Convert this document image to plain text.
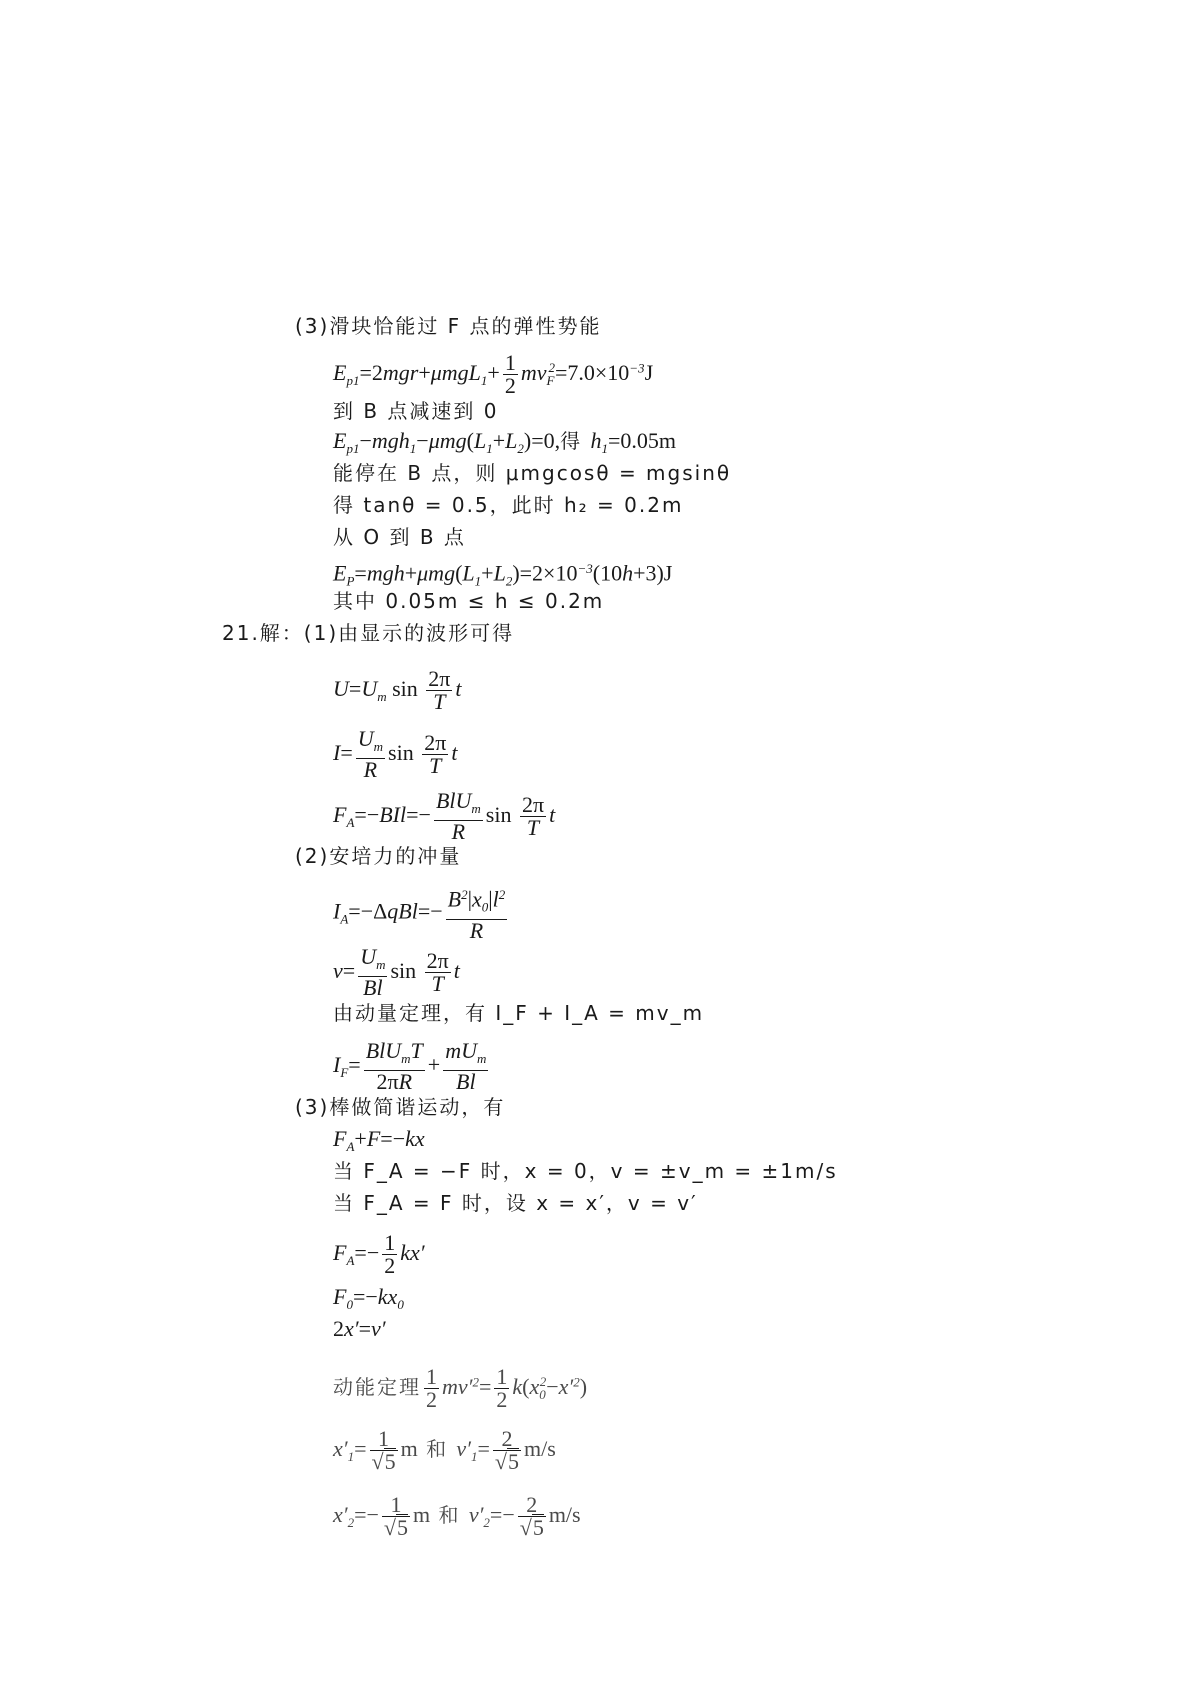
(3)滑块恰能过 F 点的弹性势能
$E_{p1}=2mgr+\mu mgL_1+ \frac{1}{2} mv_F^2=7.0\times 10^{-3}J$
到 B 点减速到 0
$E_{p1}-mgh_1-\mu mg(L_1+L_2)=0$,得 $h_1=0.05m$
能停在 B 点，则 μmgcosθ = mgsinθ
得 tanθ = 0.5，此时 h₂ = 0.2m
从 O 到 B 点
$E_P=mgh+\mu mg(L_1+L_2)=2\times 10^{-3}(10h+3)J$
其中 0.05m ≤ h ≤ 0.2m
21.解：(1)由显示的波形可得
$U=U_m$ $\sin \frac{2\pi}{T}$ t
$I= \frac{U_m}{R}$ $\sin \frac{2\pi}{T}$ t
$F_A=-BIl=- \frac{BlU_m}{R}$ $\sin \frac{2\pi}{T}$ t
(2)安培力的冲量
$I_A=-\Delta qBl=- \frac{B^2|x_0|l^2}{R}$
$v= \frac{U_m}{Bl}$ $\sin \frac{2\pi}{T}$ t
由动量定理，有 I_F + I_A = mv_m
$I_F= \frac{BlU_mT}{2\pi R} + \frac{mU_m}{Bl}$
(3)棒做简谐运动，有
$F_A+F=-kx$
当 F_A = −F 时，x = 0，v = ±v_m = ±1m/s
当 F_A = F 时，设 x = x′，v = v′
$F_A=- \frac{1}{2} kx'$
$F_0=-kx_0$
2x′=v′
动能定理 $\frac{1}{2} mv'^2= \frac{1}{2} k(x_0^2-x'^2)$
$x'_1= \frac{1}{√5}$ m 和 $v'_1= \frac{2}{√5} m/s$
$x'_2=- \frac{1}{√5}$ m 和 $v'_2=- \frac{2}{√5} m/s$
